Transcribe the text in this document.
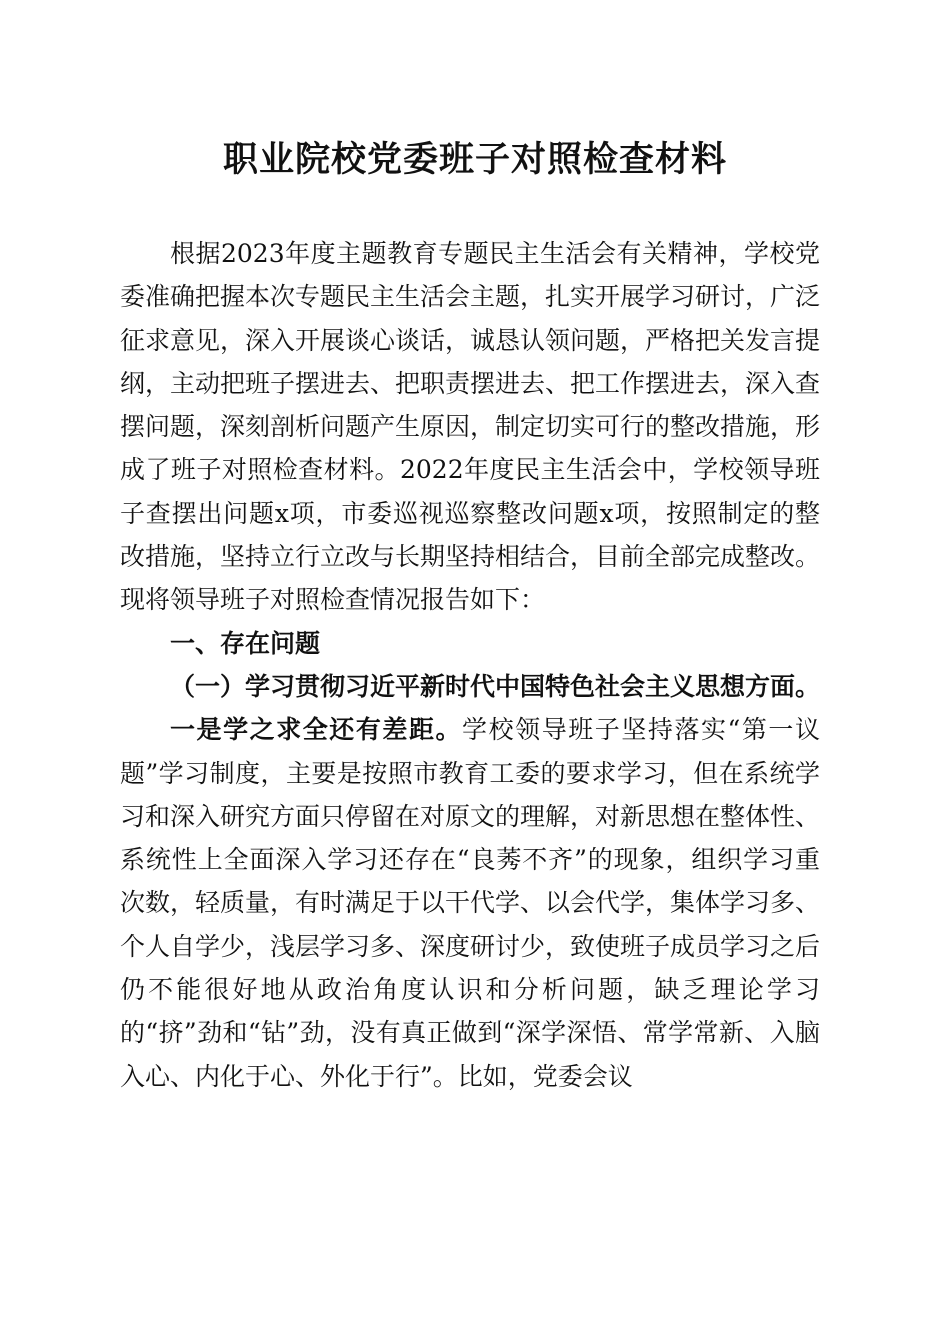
职业院校党委班子对照检查材料

根据2023年度主题教育专题民主生活会有关精神，学校党委准确把握本次专题民主生活会主题，扎实开展学习研讨，广泛征求意见，深入开展谈心谈话，诚恳认领问题，严格把关发言提纲，主动把班子摆进去、把职责摆进去、把工作摆进去，深入查摆问题，深刻剖析问题产生原因，制定切实可行的整改措施，形成了班子对照检查材料。2022年度民主生活会中，学校领导班子查摆出问题x项，市委巡视巡察整改问题x项，按照制定的整改措施，坚持立行立改与长期坚持相结合，目前全部完成整改。现将领导班子对照检查情况报告如下：

一、存在问题

（一）学习贯彻习近平新时代中国特色社会主义思想方面。

一是学之求全还有差距。学校领导班子坚持落实“第一议题”学习制度，主要是按照市教育工委的要求学习，但在系统学习和深入研究方面只停留在对原文的理解，对新思想在整体性、系统性上全面深入学习还存在“良莠不齐”的现象，组织学习重次数，轻质量，有时满足于以干代学、以会代学，集体学习多、个人自学少，浅层学习多、深度研讨少，致使班子成员学习之后仍不能很好地从政治角度认识和分析问题，缺乏理论学习的“挤”劲和“钻”劲，没有真正做到“深学深悟、常学常新、入脑入心、内化于心、外化于行”。比如，党委会议
